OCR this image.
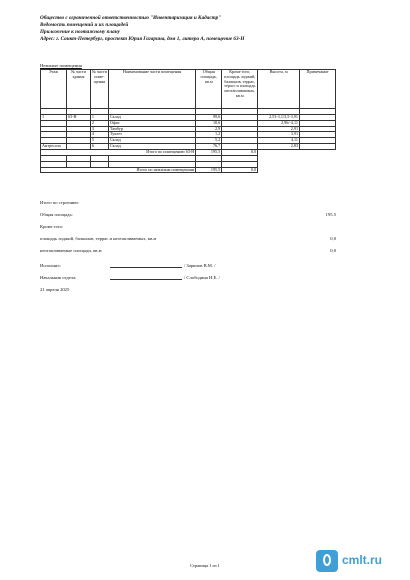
Общество с ограниченной ответственностью "Инвентаризация и Кадастр"
Ведомость помещений и их площадей
Приложение к поэтажному плану
Адрес: г. Санкт-Петербург, проспект Юрия Гагарина, дом 1, литера А, помещение 63-Н
Нежилые помещения
Этаж	№ части здания	№ части поме-щения	Наименование части помещения	Общая площадь, кв.м	Кроме того, площадь лоджий, балконов, террас, тераcс и площадь неотапливаемых, кв.м	Высота, м	Примечание

1	63-Н	1	Склад	99,6		2,53-3,1/3,5-3,91	
		2	Офис	10,6		2,96/-4,11	
		3	Тамбур	2,9		2,91	
		4	Туалет	1,2		3,91	
		5	Склад	5,2		4,11	
Антресоль		6	Склад	76,7		2,83	
Итого по помещению 63-Н				195,5	0,0		

Итого по нежилым помещениям				195,5	0,0		
Итого по строению:
Общая площадь:	195.5
Кроме того:
площадь лоджий, балконов, террас и неотапливаемых, кв.м	0,0
неотапливаемые площади, кв.м	0,0
Исполнил:	/ Зарипов В.М. /
Начальник отдела:	/ Слободина Н.Е. /
21 апреля 2025
Страница 1 из 1	cmlt.ru
